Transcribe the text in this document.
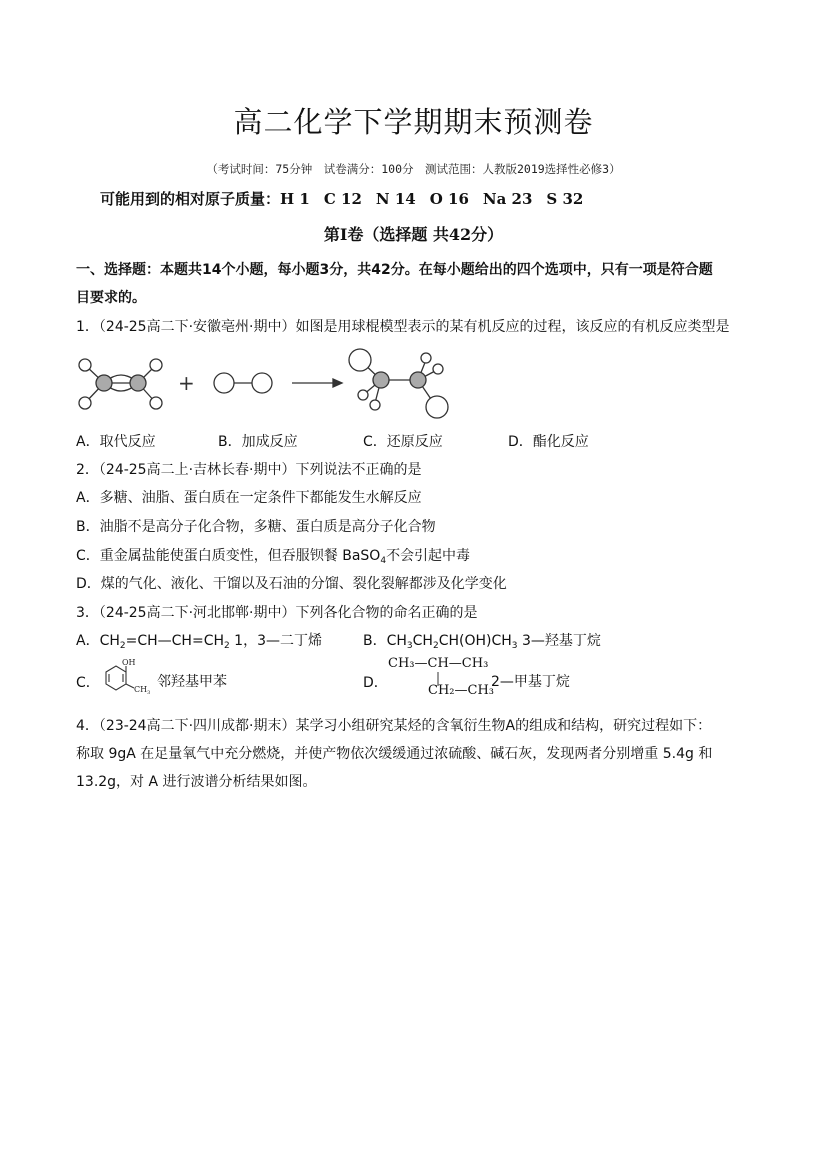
高二化学下学期期末预测卷
（考试时间：75分钟　试卷满分：100分　测试范围：人教版2019选择性必修3）
可能用到的相对原子质量：H 1 C 12 N 14 O 16 Na 23 S 32
第Ⅰ卷（选择题 共42分）
一、选择题：本题共14个小题，每小题3分，共42分。在每小题给出的四个选项中，只有一项是符合题
目要求的。
1．（24-25高二下·安徽亳州·期中）如图是用球棍模型表示的某有机反应的过程，该反应的有机反应类型是
+
A．取代反应	B．加成反应	C．还原反应	D．酯化反应
2．（24-25高二上·吉林长春·期中）下列说法不正确的是
A．多糖、油脂、蛋白质在一定条件下都能发生水解反应
B．油脂不是高分子化合物，多糖、蛋白质是高分子化合物
C．重金属盐能使蛋白质变性，但吞服钡餐 BaSO$_4$不会引起中毒
D．煤的气化、液化、干馏以及石油的分馏、裂化裂解都涉及化学变化
3．（24-25高二下·河北邯郸·期中）下列各化合物的命名正确的是
A．$CH_2=CH—CH=CH_2$ 1，3—二丁烯	B．$CH_3CH_2CH(OH)CH_3$ 3—羟基丁烷
C．
OH
$CH_3$
邻羟基甲苯	D．
CH₃—CH—CH₃
CH₂—CH₃
2—甲基丁烷
4．（23-24高二下·四川成都·期末）某学习小组研究某烃的含氧衍生物A的组成和结构，研究过程如下：
称取 9gA 在足量氧气中充分燃烧，并使产物依次缓缓通过浓硫酸、碱石灰，发现两者分别增重 5.4g 和
13.2g，对 A 进行波谱分析结果如图。
